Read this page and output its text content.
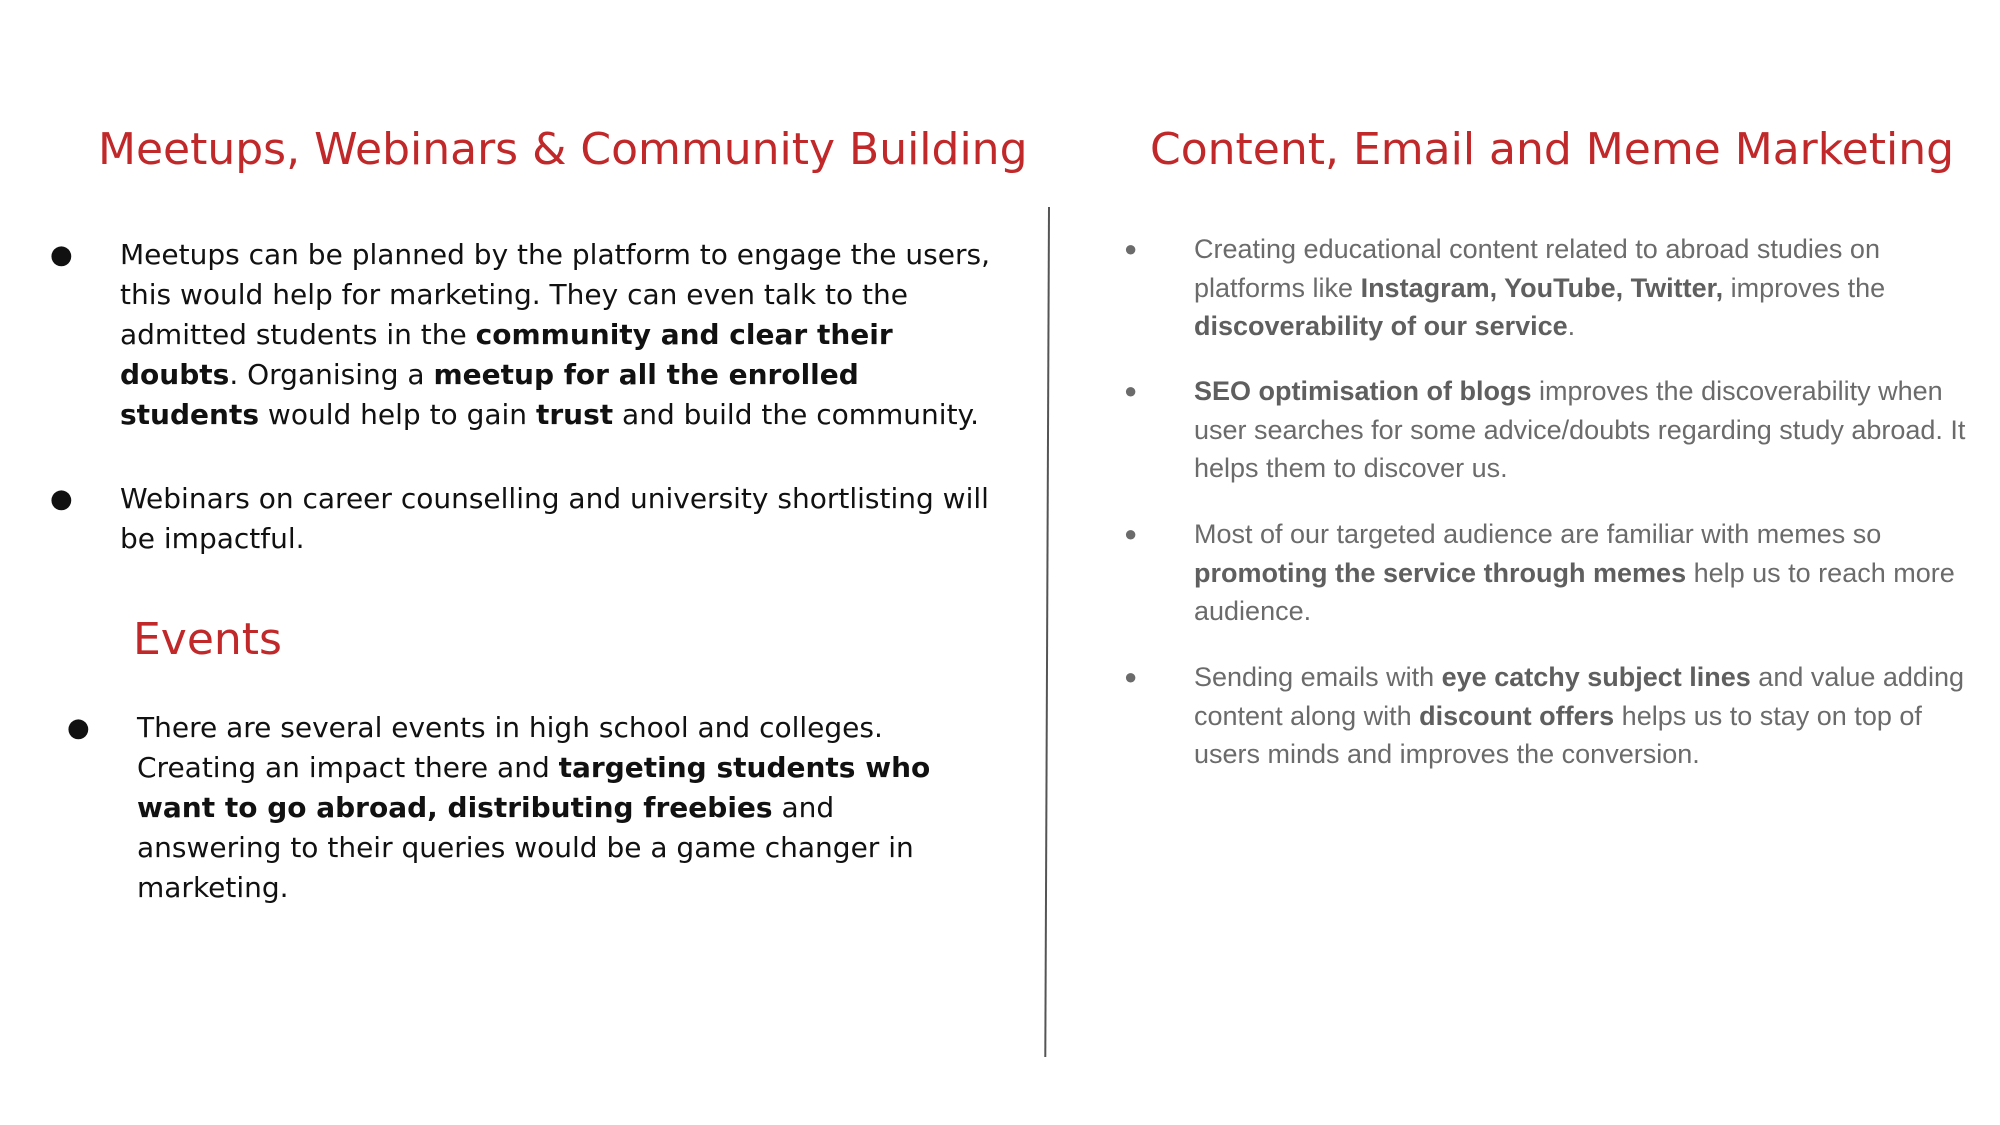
Meetups, Webinars & Community Building
● Meetups can be planned by the platform to engage the users, this would help for marketing. They can even talk to the admitted students in the community and clear their doubts. Organising a meetup for all the enrolled students would help to gain trust and build the community.

● Webinars on career counselling and university shortlisting will be impactful.

Events
● There are several events in high school and colleges. Creating an impact there and targeting students who want to go abroad, distributing freebies and answering to their queries would be a game changer in marketing.

Content, Email and Meme Marketing
● Creating educational content related to abroad studies on platforms like Instagram, YouTube, Twitter, improves the discoverability of our service.

● SEO optimisation of blogs improves the discoverability when user searches for some advice/doubts regarding study abroad. It helps them to discover us.

● Most of our targeted audience are familiar with memes so promoting the service through memes help us to reach more audience.

● Sending emails with eye catchy subject lines and value adding content along with discount offers helps us to stay on top of users minds and improves the conversion.
